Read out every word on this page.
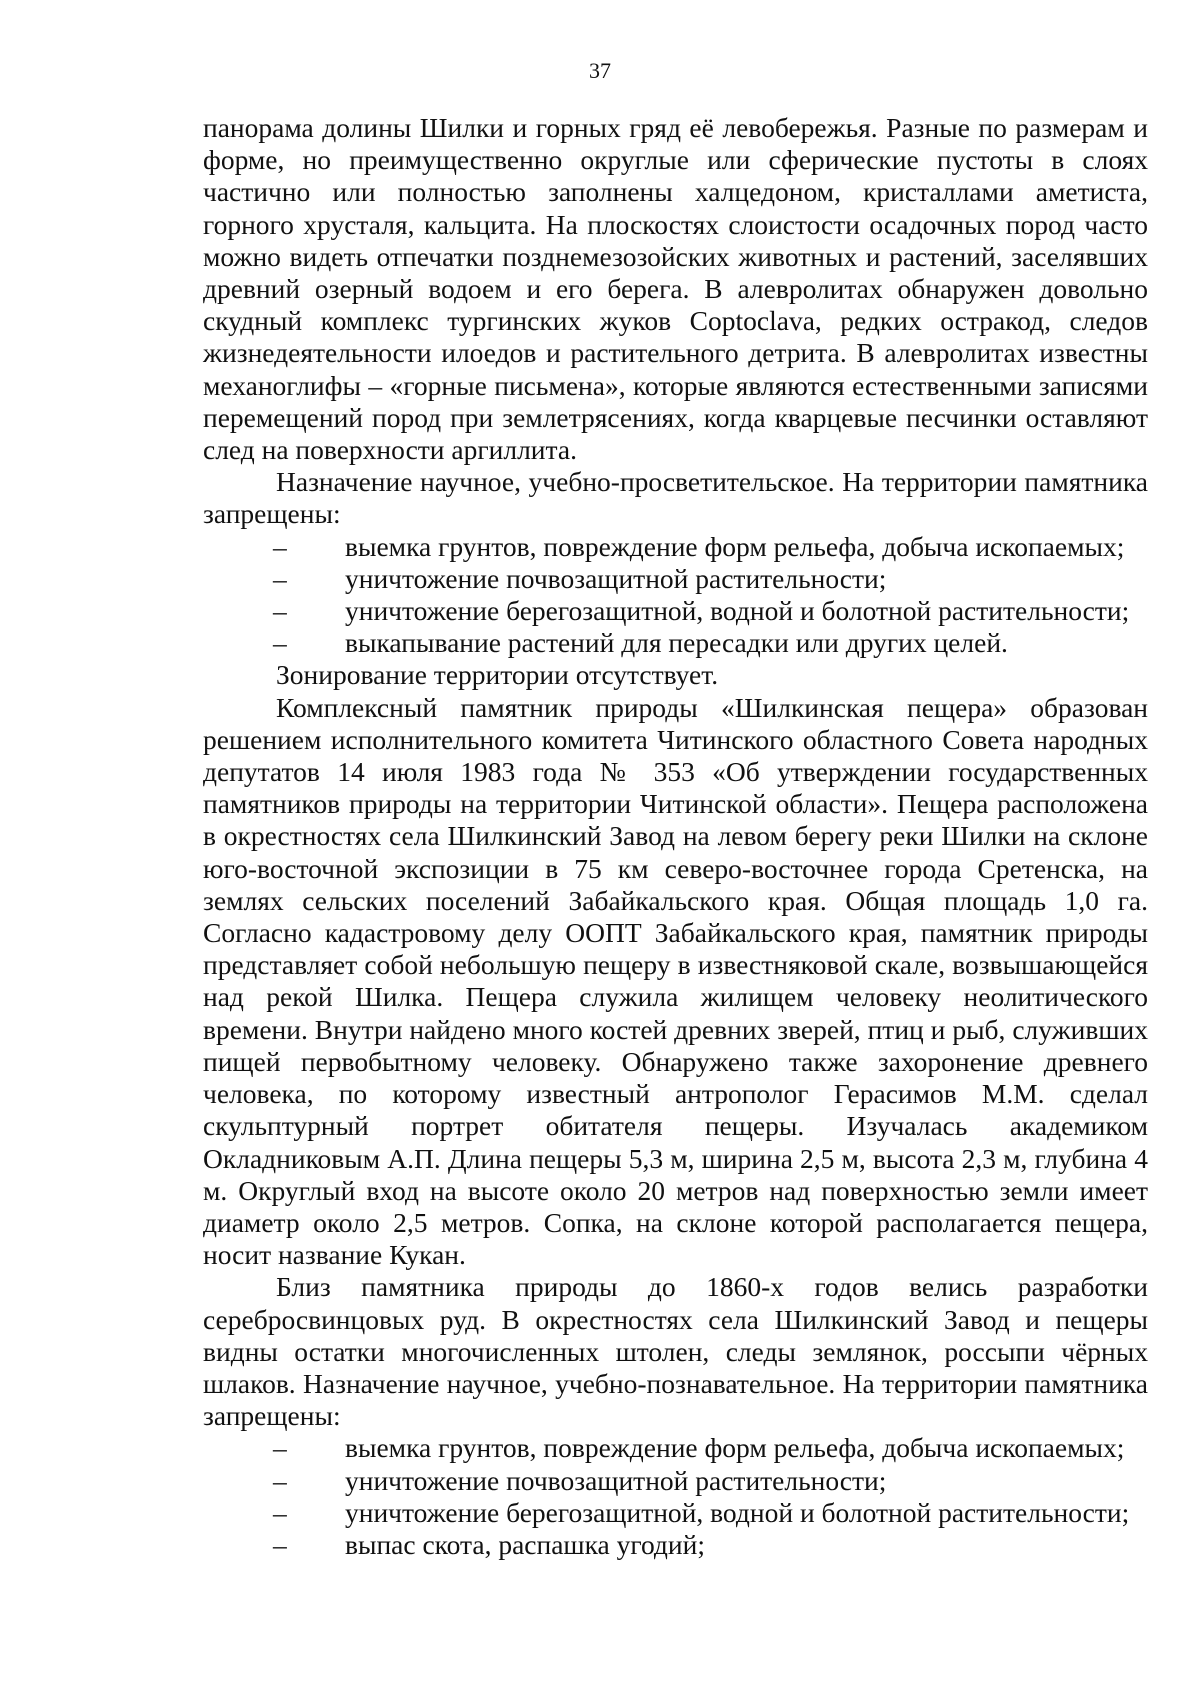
37

панорама долины Шилки и горных гряд её левобережья. Разные по размерам и форме, но преимущественно округлые или сферические пустоты в слоях частично или полностью заполнены халцедоном, кристаллами аметиста, горного хрусталя, кальцита. На плоскостях слоистости осадочных пород часто можно видеть отпечатки позднемезозойских животных и растений, заселявших древний озерный водоем и его берега. В алевролитах обнаружен довольно скудный комплекс тургинских жуков Coptoclava, редких остракод, следов жизнедеятельности илоедов и растительного детрита. В алевролитах известны механоглифы – «горные письмена», которые являются естественными записями перемещений пород при землетрясениях, когда кварцевые песчинки оставляют след на поверхности аргиллита.

Назначение научное, учебно-просветительское. На территории памятника запрещены:

– выемка грунтов, повреждение форм рельефа, добыча ископаемых;
– уничтожение почвозащитной растительности;
– уничтожение берегозащитной, водной и болотной растительности;
– выкапывание растений для пересадки или других целей.

Зонирование территории отсутствует.

Комплексный памятник природы «Шилкинская пещера» образован решением исполнительного комитета Читинского областного Совета народных депутатов 14 июля 1983 года № 353 «Об утверждении государственных памятников природы на территории Читинской области». Пещера расположена в окрестностях села Шилкинский Завод на левом берегу реки Шилки на склоне юго-восточной экспозиции в 75 км северо-восточнее города Сретенска, на землях сельских поселений Забайкальского края. Общая площадь 1,0 га. Согласно кадастровому делу ООПТ Забайкальского края, памятник природы представляет собой небольшую пещеру в известняковой скале, возвышающейся над рекой Шилка. Пещера служила жилищем человеку неолитического времени. Внутри найдено много костей древних зверей, птиц и рыб, служивших пищей первобытному человеку. Обнаружено также захоронение древнего человека, по которому известный антрополог Герасимов М.М. сделал скульптурный портрет обитателя пещеры. Изучалась академиком Окладниковым А.П. Длина пещеры 5,3 м, ширина 2,5 м, высота 2,3 м, глубина 4 м. Округлый вход на высоте около 20 метров над поверхностью земли имеет диаметр около 2,5 метров. Сопка, на склоне которой располагается пещера, носит название Кукан.

Близ памятника природы до 1860-х годов велись разработки серебросвинцовых руд. В окрестностях села Шилкинский Завод и пещеры видны остатки многочисленных штолен, следы землянок, россыпи чёрных шлаков. Назначение научное, учебно-познавательное. На территории памятника запрещены:

– выемка грунтов, повреждение форм рельефа, добыча ископаемых;
– уничтожение почвозащитной растительности;
– уничтожение берегозащитной, водной и болотной растительности;
– выпас скота, распашка угодий;
